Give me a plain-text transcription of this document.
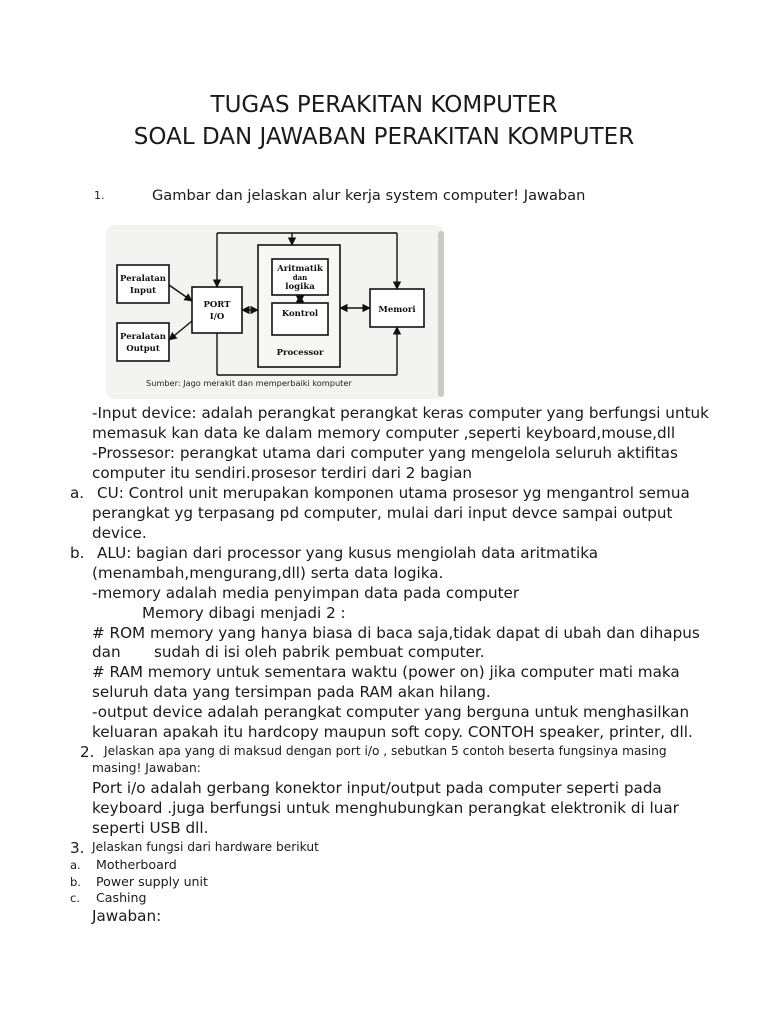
TUGAS PERAKITAN KOMPUTER
SOAL DAN JAWABAN PERAKITAN KOMPUTER
1.	Gambar dan jelaskan alur kerja system computer! Jawaban
Peralatan
Input
Peralatan
Output
PORT
I/O
Aritmatik
dan
logika
Kontrol
Processor
Memori
Sumber: Jago merakit dan memperbaiki komputer
-Input device: adalah perangkat perangkat keras computer yang berfungsi untuk
memasuk kan data ke dalam memory computer ,seperti keyboard,mouse,dll
-Prossesor: perangkat utama dari computer yang mengelola seluruh aktifitas
computer itu sendiri.prosesor terdiri dari 2 bagian
a. CU: Control unit merupakan komponen utama prosesor yg mengantrol semua
perangkat yg terpasang pd computer, mulai dari input devce sampai output
device.
b. ALU: bagian dari processor yang kusus mengiolah data aritmatika
(menambah,mengurang,dll) serta data logika.
-memory adalah media penyimpan data pada computer
Memory dibagi menjadi 2 :
# ROM memory yang hanya biasa di baca saja,tidak dapat di ubah dan dihapus
dan sudah di isi oleh pabrik pembuat computer.
# RAM memory untuk sementara waktu (power on) jika computer mati maka
seluruh data yang tersimpan pada RAM akan hilang.
-output device adalah perangkat computer yang berguna untuk menghasilkan
keluaran apakah itu hardcopy maupun soft copy. CONTOH speaker, printer, dll.
2. Jelaskan apa yang di maksud dengan port i/o , sebutkan 5 contoh beserta fungsinya masing
masing! Jawaban:
Port i/o adalah gerbang konektor input/output pada computer seperti pada
keyboard .juga berfungsi untuk menghubungkan perangkat elektronik di luar
seperti USB dll.
3. Jelaskan fungsi dari hardware berikut
a. Motherboard
b. Power supply unit
c. Cashing
Jawaban:
